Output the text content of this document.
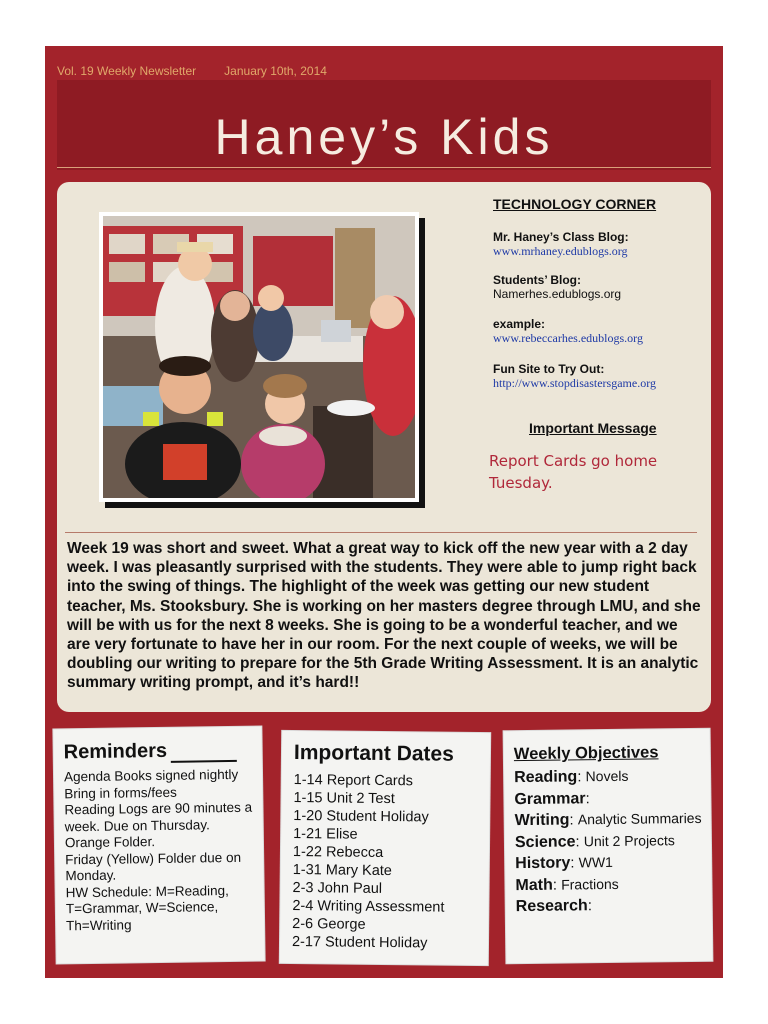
Vol. 19 Weekly Newsletter January 10th, 2014
Haney’s Kids
TECHNOLOGY CORNER
Mr. Haney’s Class Blog:
www.mrhaney.edublogs.org
Students’ Blog:
Namerhes.edublogs.org
example:
www.rebeccarhes.edublogs.org
Fun Site to Try Out:
http://www.stopdisastersgame.org
Important Message
Report Cards go home Tuesday.
Week 19 was short and sweet. What a great way to kick off the new year with a 2 day week. I was pleasantly surprised with the students. They were able to jump right back into the swing of things. The highlight of the week was getting our new student teacher, Ms. Stooksbury. She is working on her masters degree through LMU, and she will be with us for the next 8 weeks. She is going to be a wonderful teacher, and we are very fortunate to have her in our room. For the next couple of weeks, we will be doubling our writing to prepare for the 5th Grade Writing Assessment. It is an analytic summary writing prompt, and it’s hard!!
Reminders
Agenda Books signed nightly
Bring in forms/fees
Reading Logs are 90 minutes a week. Due on Thursday.
Orange Folder.
Friday (Yellow) Folder due on Monday.
HW Schedule: M=Reading, T=Grammar, W=Science, Th=Writing
Important Dates
1-14 Report Cards
1-15 Unit 2 Test
1-20 Student Holiday
1-21 Elise
1-22 Rebecca
1-31 Mary Kate
2-3 John Paul
2-4 Writing Assessment
2-6 George
2-17 Student Holiday
Weekly Objectives
Reading: Novels
Grammar:
Writing: Analytic Summaries
Science: Unit 2 Projects
History: WW1
Math: Fractions
Research:
